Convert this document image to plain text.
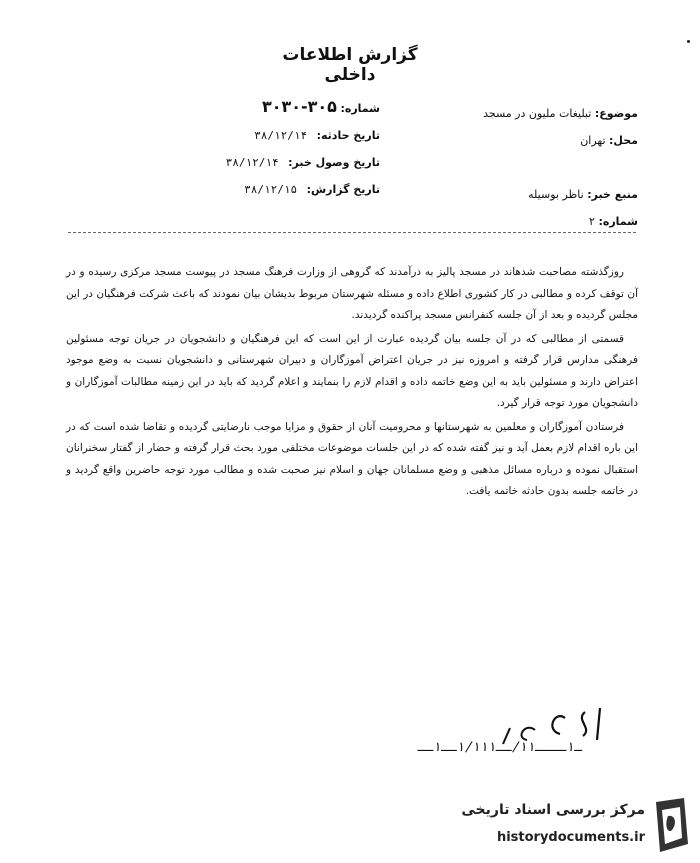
گزارش اطلاعات داخلی
موضوع: تبلیغات ملیون در مسجد
محل: تهران

منبع خبر: ناظر بوسیله
شماره: ۲
شماره: ۳۰۵-۳۰۳۰
تاریخ حادثه: ۳۸/۱۲/۱۴
تاریخ وصول خبر: ۳۸/۱۲/۱۴
تاریخ گزارش: ۳۸/۱۲/۱۵

روزگذشته مصاحبت شدهاند در مسجد پالیز به درآمدند که گروهی از وزارت فرهنگ مسجد در پیوست مسجد مرکزی رسیده و در آن توقف کرده و مطالبی در کار کشوری اطلاع داده و مسئله شهرستان مربوط بدیشان بیان نمودند که باعث شرکت فرهنگیان در این مجلس گردیده و بعد از آن جلسه کنفرانس مسجد پراکنده گردیدند.

قسمتی از مطالبی که در آن جلسه بیان گردیده عبارت از این است که این فرهنگیان و دانشجویان در جریان توجه مسئولین فرهنگی مدارس قرار گرفته و امروزه نیز در جریان اعتراض آموزگاران و دبیران شهرستانی و دانشجویان نسبت به وضع موجود اعتراض دارند و مسئولین باید به این وضع خاتمه داده و اقدام لازم را بنمایند و اعلام گردید که باید در این زمینه مطالبات آموزگاران و دانشجویان مورد توجه قرار گیرد.

فرستادن آموزگاران و معلمین به شهرستانها و محرومیت آنان از حقوق و مزایا موجب نارضایتی گردیده و تقاضا شده است که در این باره اقدام لازم بعمل آید و نیز گفته شده که در این جلسات موضوعات مختلفی مورد بحث قرار گرفته و حضار از گفتار سخنرانان استقبال نموده و درباره مسائل مذهبی و وضع مسلمانان جهان و اسلام نیز صحبت شده و مطالب مورد توجه حاضرین واقع گردید و در خاتمه جلسه بدون حادثه خاتمه یافت.

ـ۱ــــ۱۱/ــ۱/۱۱۱ــ۱ــ
مرکز بررسی اسناد تاریخی
historydocuments.ir
